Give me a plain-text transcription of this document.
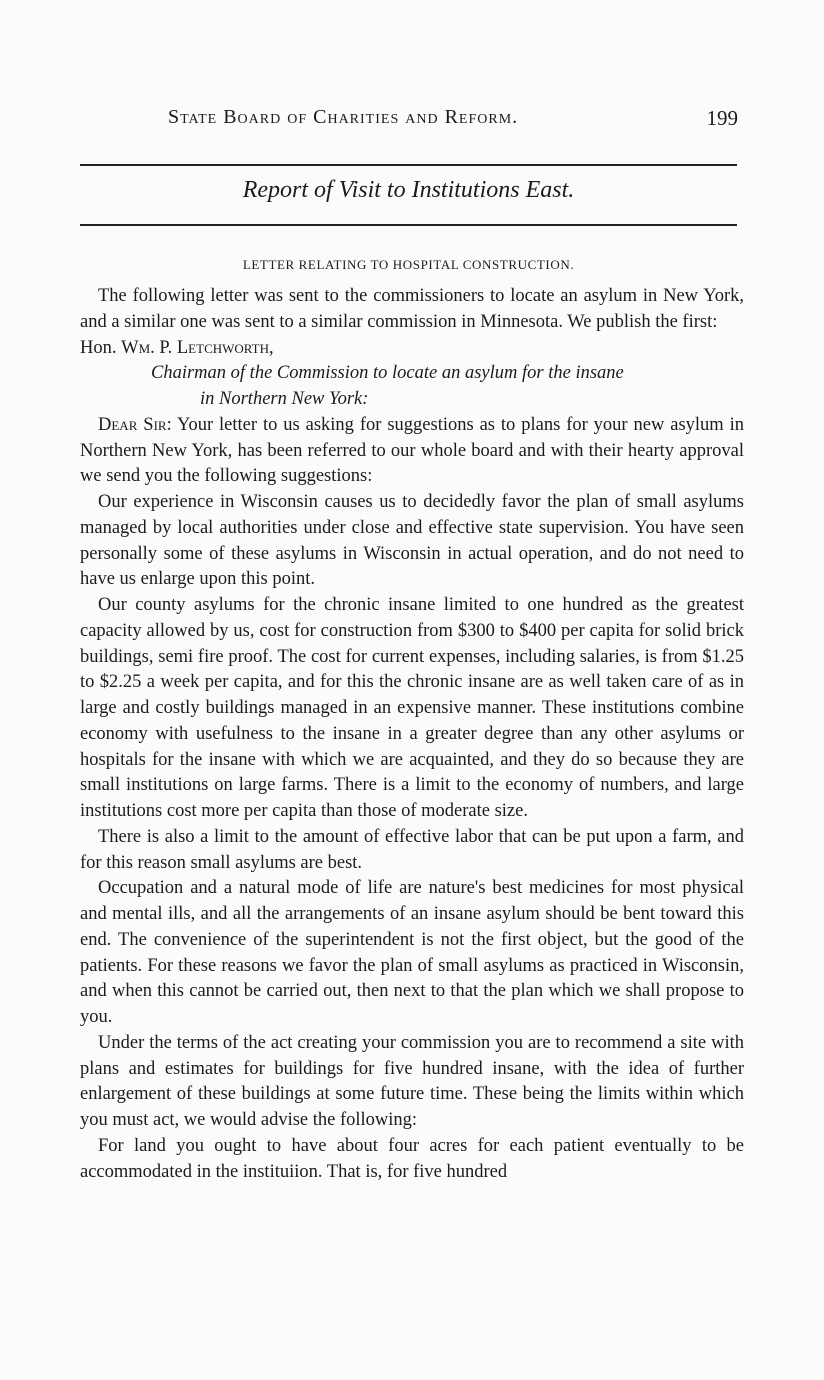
State Board of Charities and Reform.	199
Report of Visit to Institutions East.
LETTER RELATING TO HOSPITAL CONSTRUCTION.

The following letter was sent to the commissioners to locate an asylum in New York, and a similar one was sent to a similar commission in Minnesota. We publish the first:

Hon. Wm. P. Letchworth,

Chairman of the Commission to locate an asylum for the insane
in Northern New York:

Dear Sir: Your letter to us asking for suggestions as to plans for your new asylum in Northern New York, has been referred to our whole board and with their hearty approval we send you the following suggestions:

Our experience in Wisconsin causes us to decidedly favor the plan of small asylums managed by local authorities under close and effective state supervision. You have seen personally some of these asylums in Wisconsin in actual operation, and do not need to have us enlarge upon this point.

Our county asylums for the chronic insane limited to one hundred as the greatest capacity allowed by us, cost for construction from $300 to $400 per capita for solid brick buildings, semi fire proof. The cost for current expenses, including salaries, is from $1.25 to $2.25 a week per capita, and for this the chronic insane are as well taken care of as in large and costly buildings managed in an expensive manner. These institutions combine economy with usefulness to the insane in a greater degree than any other asylums or hospitals for the insane with which we are acquainted, and they do so because they are small institutions on large farms. There is a limit to the economy of numbers, and large institutions cost more per capita than those of moderate size.

There is also a limit to the amount of effective labor that can be put upon a farm, and for this reason small asylums are best.

Occupation and a natural mode of life are nature's best medicines for most physical and mental ills, and all the arrangements of an insane asylum should be bent toward this end. The convenience of the superintendent is not the first object, but the good of the patients. For these reasons we favor the plan of small asylums as practiced in Wisconsin, and when this cannot be carried out, then next to that the plan which we shall propose to you.

Under the terms of the act creating your commission you are to recommend a site with plans and estimates for buildings for five hundred insane, with the idea of further enlargement of these buildings at some future time. These being the limits within which you must act, we would advise the following:

For land you ought to have about four acres for each patient eventually to be accommodated in the instituiion. That is, for five hundred
